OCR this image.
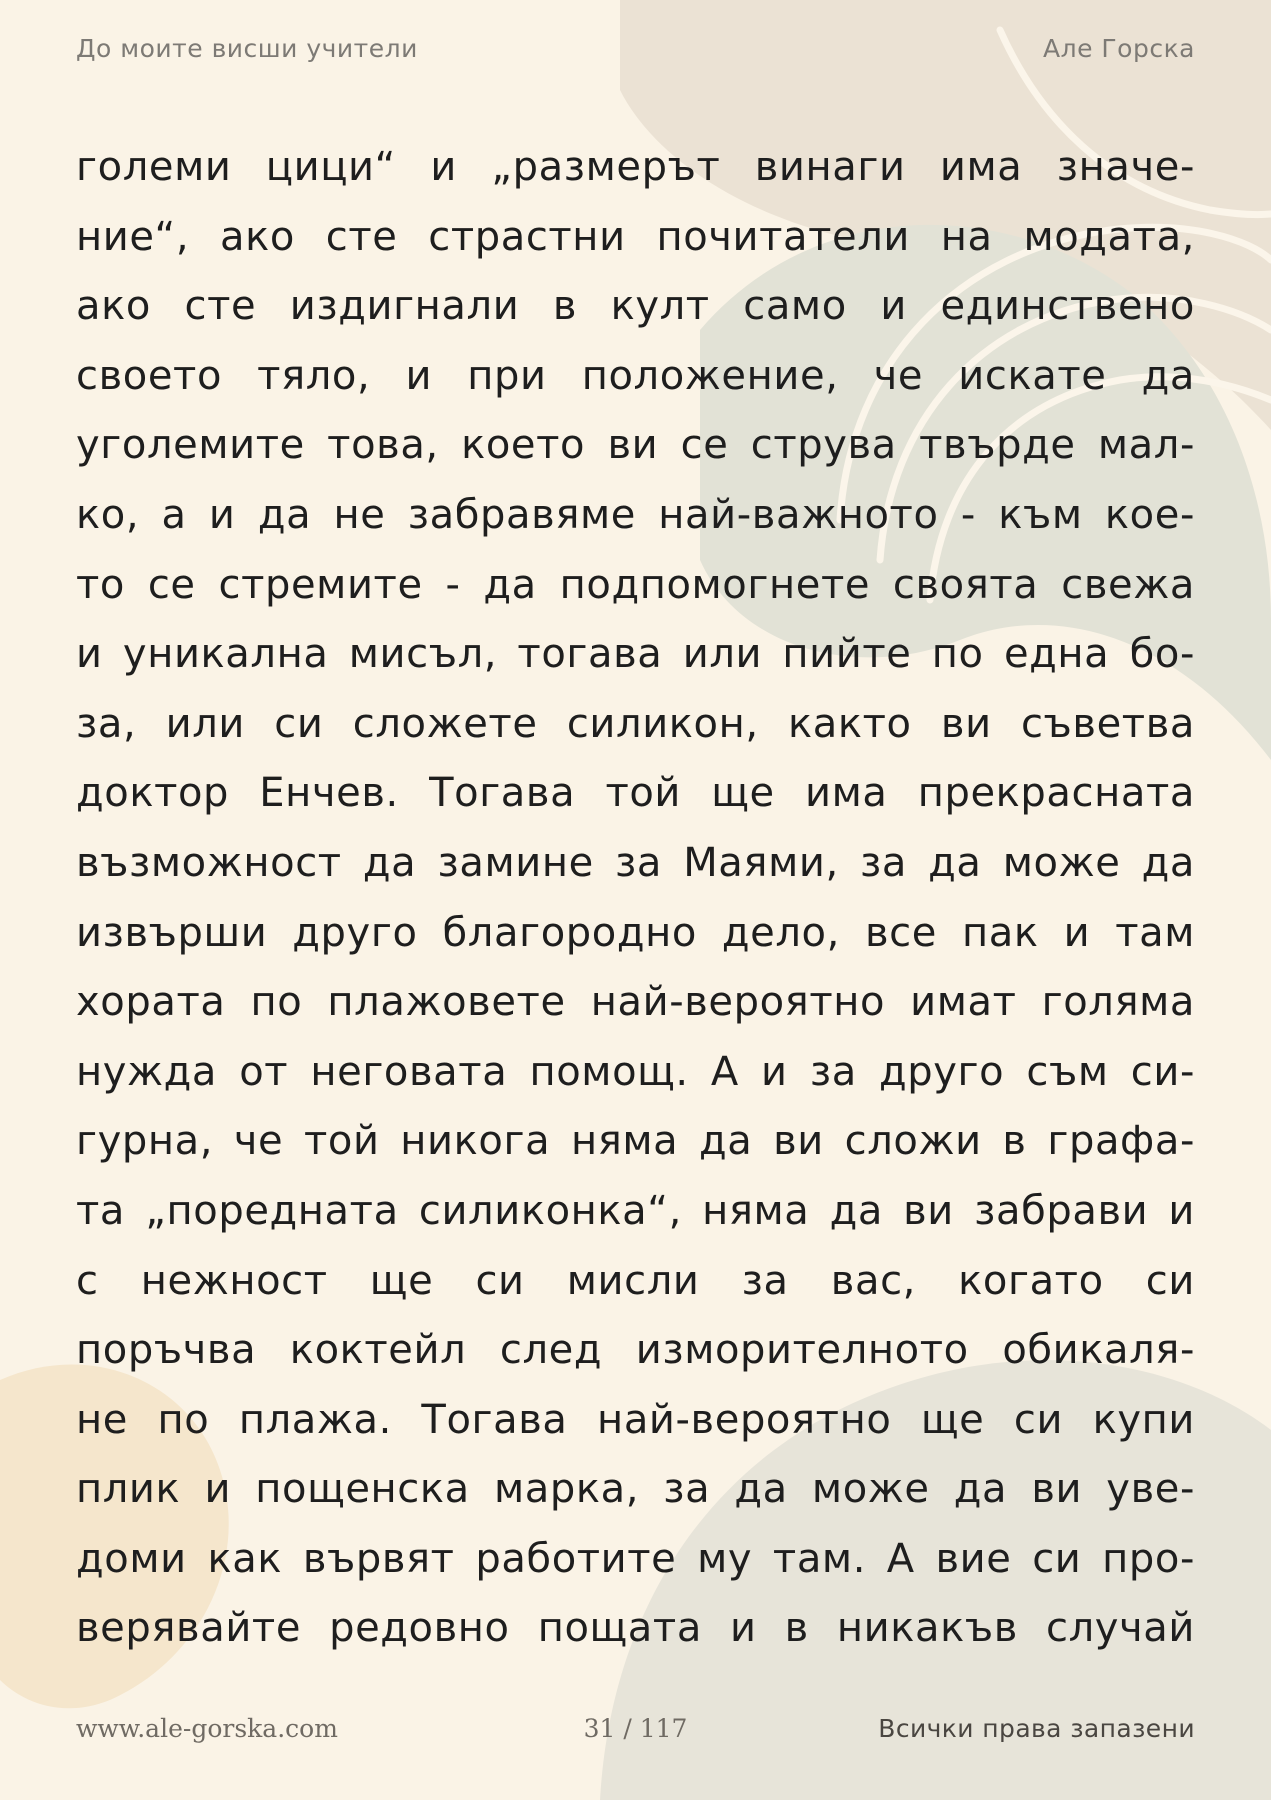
До моите висши учители	Але Горска

големи цици“ и „размерът винаги има значе-

ние“, ако сте страстни почитатели на модата,

ако сте издигнали в култ само и единствено

своето тяло, и при положение, че искате да

уголемите това, което ви се струва твърде мал-

ко, а и да не забравяме най-важното - към кое-

то се стремите - да подпомогнете своята свежа

и уникална мисъл, тогава или пийте по една бо-

за, или си сложете силикон, както ви съветва

доктор Енчев. Тогава той ще има прекрасната

възможност да замине за Маями, за да може да

извърши друго благородно дело, все пак и там

хората по плажовете най-вероятно имат голяма

нужда от неговата помощ. А и за друго съм си-

гурна, че той никога няма да ви сложи в графа-

та „поредната силиконка“, няма да ви забрави и

с нежност ще си мисли за вас, когато си

поръчва коктейл след изморителното обикаля-

не по плажа. Тогава най-вероятно ще си купи

плик и пощенска марка, за да може да ви уве-

доми как вървят работите му там. А вие си про-

верявайте редовно пощата и в никакъв случай

www.ale-gorska.com	31 / 117	Всички права запазени
